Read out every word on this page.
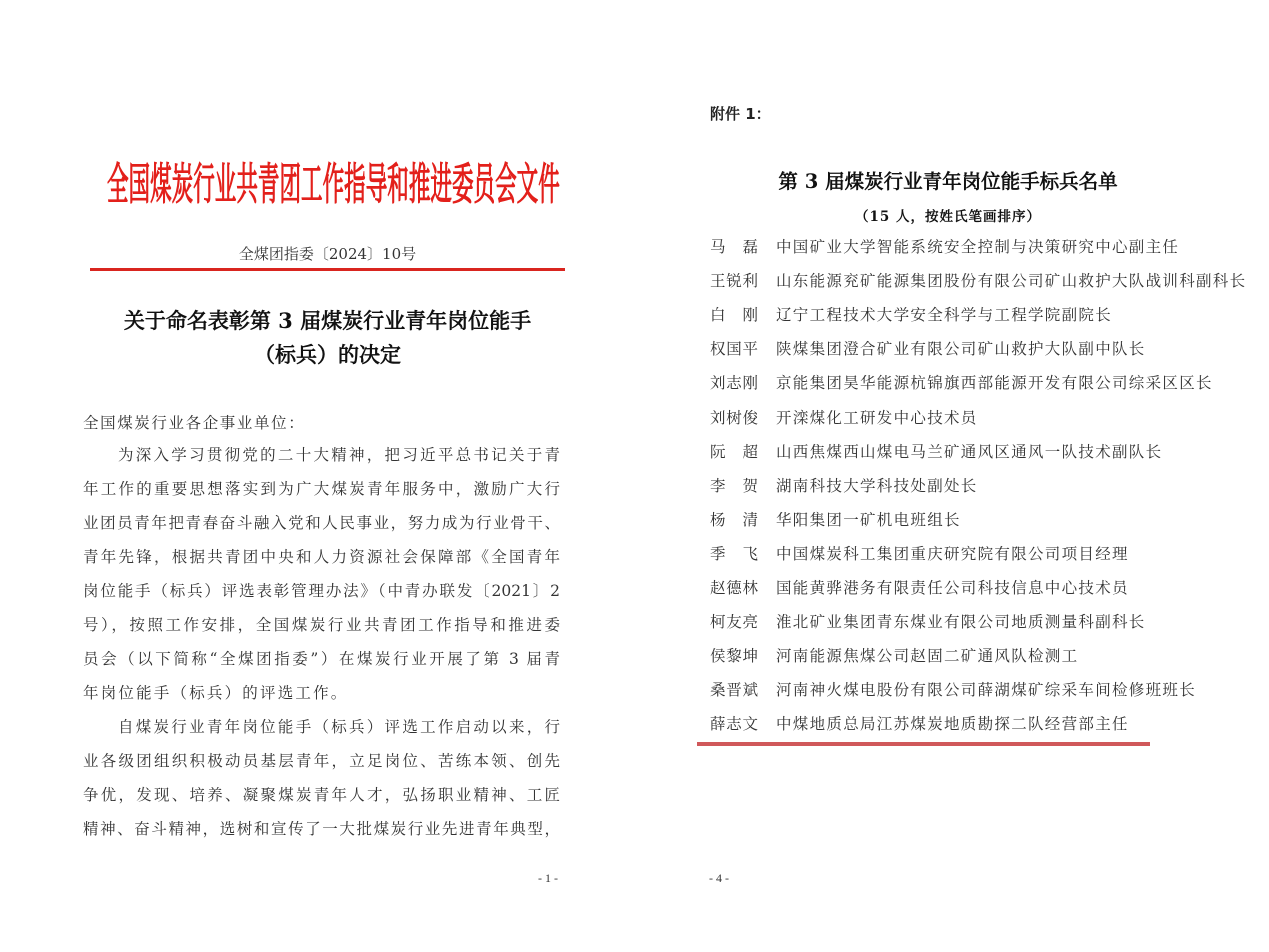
全国煤炭行业共青团工作指导和推进委员会文件
全煤团指委〔2024〕10号
关于命名表彰第 3 届煤炭行业青年岗位能手
（标兵）的决定
全国煤炭行业各企事业单位：
为深入学习贯彻党的二十大精神，把习近平总书记关于青
年工作的重要思想落实到为广大煤炭青年服务中，激励广大行
业团员青年把青春奋斗融入党和人民事业，努力成为行业骨干、
青年先锋，根据共青团中央和人力资源社会保障部《全国青年
岗位能手（标兵）评选表彰管理办法》（中青办联发〔2021〕2
号），按照工作安排，全国煤炭行业共青团工作指导和推进委
员会（以下简称“全煤团指委”）在煤炭行业开展了第 3 届青
年岗位能手（标兵）的评选工作。
自煤炭行业青年岗位能手（标兵）评选工作启动以来，行
业各级团组织积极动员基层青年，立足岗位、苦练本领、创先
争优，发现、培养、凝聚煤炭青年人才，弘扬职业精神、工匠
精神、奋斗精神，选树和宣传了一大批煤炭行业先进青年典型，
- 1 -
附件 1：
第 3 届煤炭行业青年岗位能手标兵名单
（15 人，按姓氏笔画排序）
马 磊 中国矿业大学智能系统安全控制与决策研究中心副主任
王锐利 山东能源兖矿能源集团股份有限公司矿山救护大队战训科副科长
白 刚 辽宁工程技术大学安全科学与工程学院副院长
权国平 陕煤集团澄合矿业有限公司矿山救护大队副中队长
刘志刚 京能集团昊华能源杭锦旗西部能源开发有限公司综采区区长
刘树俊 开滦煤化工研发中心技术员
阮 超 山西焦煤西山煤电马兰矿通风区通风一队技术副队长
李 贺 湖南科技大学科技处副处长
杨 清 华阳集团一矿机电班组长
季 飞 中国煤炭科工集团重庆研究院有限公司项目经理
赵德林 国能黄骅港务有限责任公司科技信息中心技术员
柯友亮 淮北矿业集团青东煤业有限公司地质测量科副科长
侯黎坤 河南能源焦煤公司赵固二矿通风队检测工
桑晋斌 河南神火煤电股份有限公司薛湖煤矿综采车间检修班班长
薛志文 中煤地质总局江苏煤炭地质勘探二队经营部主任
- 4 -
